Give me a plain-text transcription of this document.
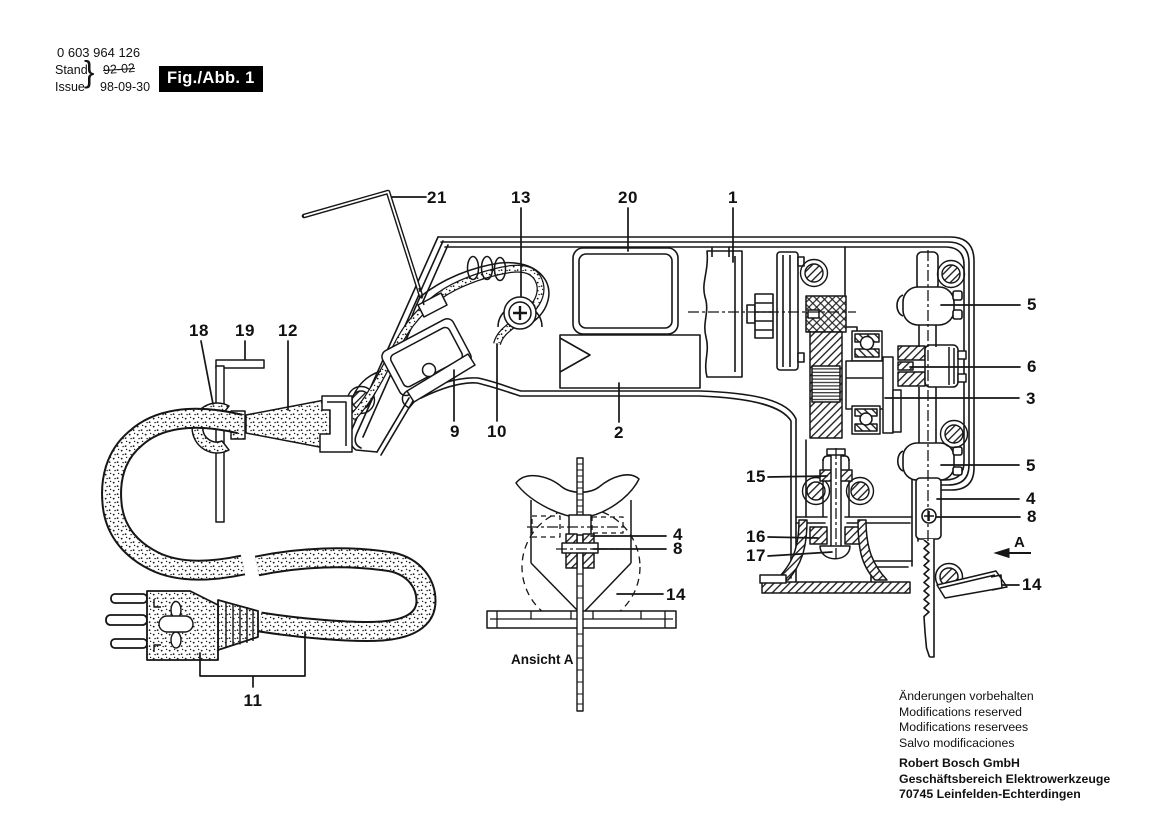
0 603 964 126
Stand
Issue } 92-02
98-09-30	Fig./Abb. 1
21	13	20	1
5
6
3
5
4
8
14
15
16
17
18 19 12
9 10	2
11
4
8
14
Ansicht A
A
Änderungen vorbehalten
Modifications reserved
Modifications reservees
Salvo modificaciones
Robert Bosch GmbH
Geschäftsbereich Elektrowerkzeuge
70745 Leinfelden-Echterdingen
